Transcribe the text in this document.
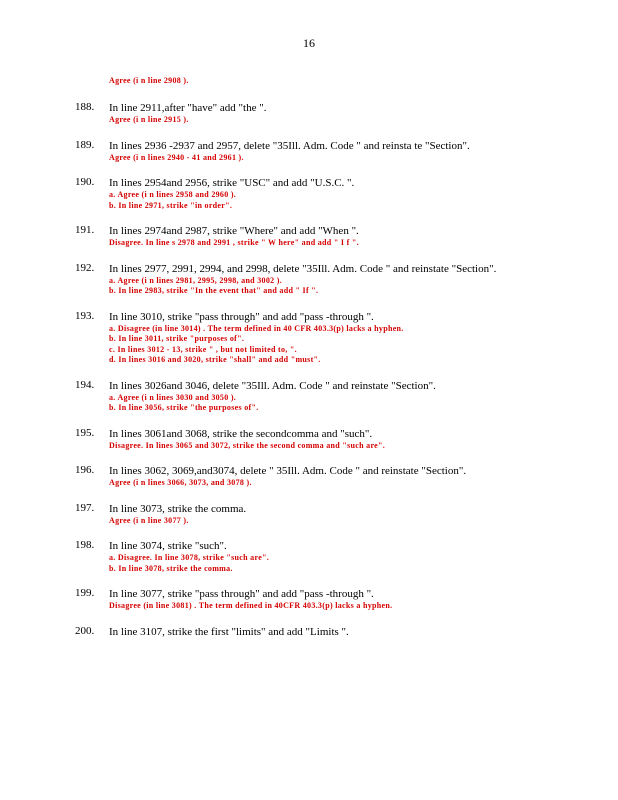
16
Agree (i n line 2908 ).
188. In line 2911,after "have" add "the ".
Agree (i n line 2915 ).
189. In lines 2936 -2937 and 2957, delete "35Ill. Adm. Code " and reinsta te "Section".
Agree (i n lines 2940 - 41 and 2961 ).
190. In lines 2954and 2956, strike "USC" and add "U.S.C. ".
a. Agree (i n lines 2958 and 2960 ).
b. In line 2971, strike "in order".
191. In lines 2974and 2987, strike "Where" and add "When ".
Disagree. In line s 2978 and 2991 , strike " W here" and add " I f ".
192. In lines 2977, 2991, 2994, and 2998, delete "35Ill. Adm. Code " and reinstate "Section".
a. Agree (i n lines 2981, 2995, 2998, and 3002 ).
b. In line 2983, strike "In the event that" and add " If ".
193. In line 3010, strike "pass through" and add "pass -through ".
a. Disagree (in line 3014) . The term defined in 40 CFR 403.3(p) lacks a hyphen.
b. In line 3011, strike "purposes of".
c. In lines 3012 - 13, strike " , but not limited to, ".
d. In lines 3016 and 3020, strike "shall" and add "must".
194. In lines 3026and 3046, delete "35Ill. Adm. Code " and reinstate "Section".
a. Agree (i n lines 3030 and 3050 ).
b. In line 3056, strike "the purposes of".
195. In lines 3061and 3068, strike the secondcomma and "such".
Disagree. In lines 3065 and 3072, strike the second comma and "such are".
196. In lines 3062, 3069,and3074, delete " 35Ill. Adm. Code " and reinstate "Section".
Agree (i n lines 3066, 3073, and 3078 ).
197. In line 3073, strike the comma.
Agree (i n line 3077 ).
198. In line 3074, strike "such".
a. Disagree. In line 3078, strike "such are".
b. In line 3078, strike the comma.
199. In line 3077, strike "pass through" and add "pass -through ".
Disagree (in line 3081) . The term defined in 40CFR 403.3(p) lacks a hyphen.
200. In line 3107, strike the first "limits" and add "Limits ".
